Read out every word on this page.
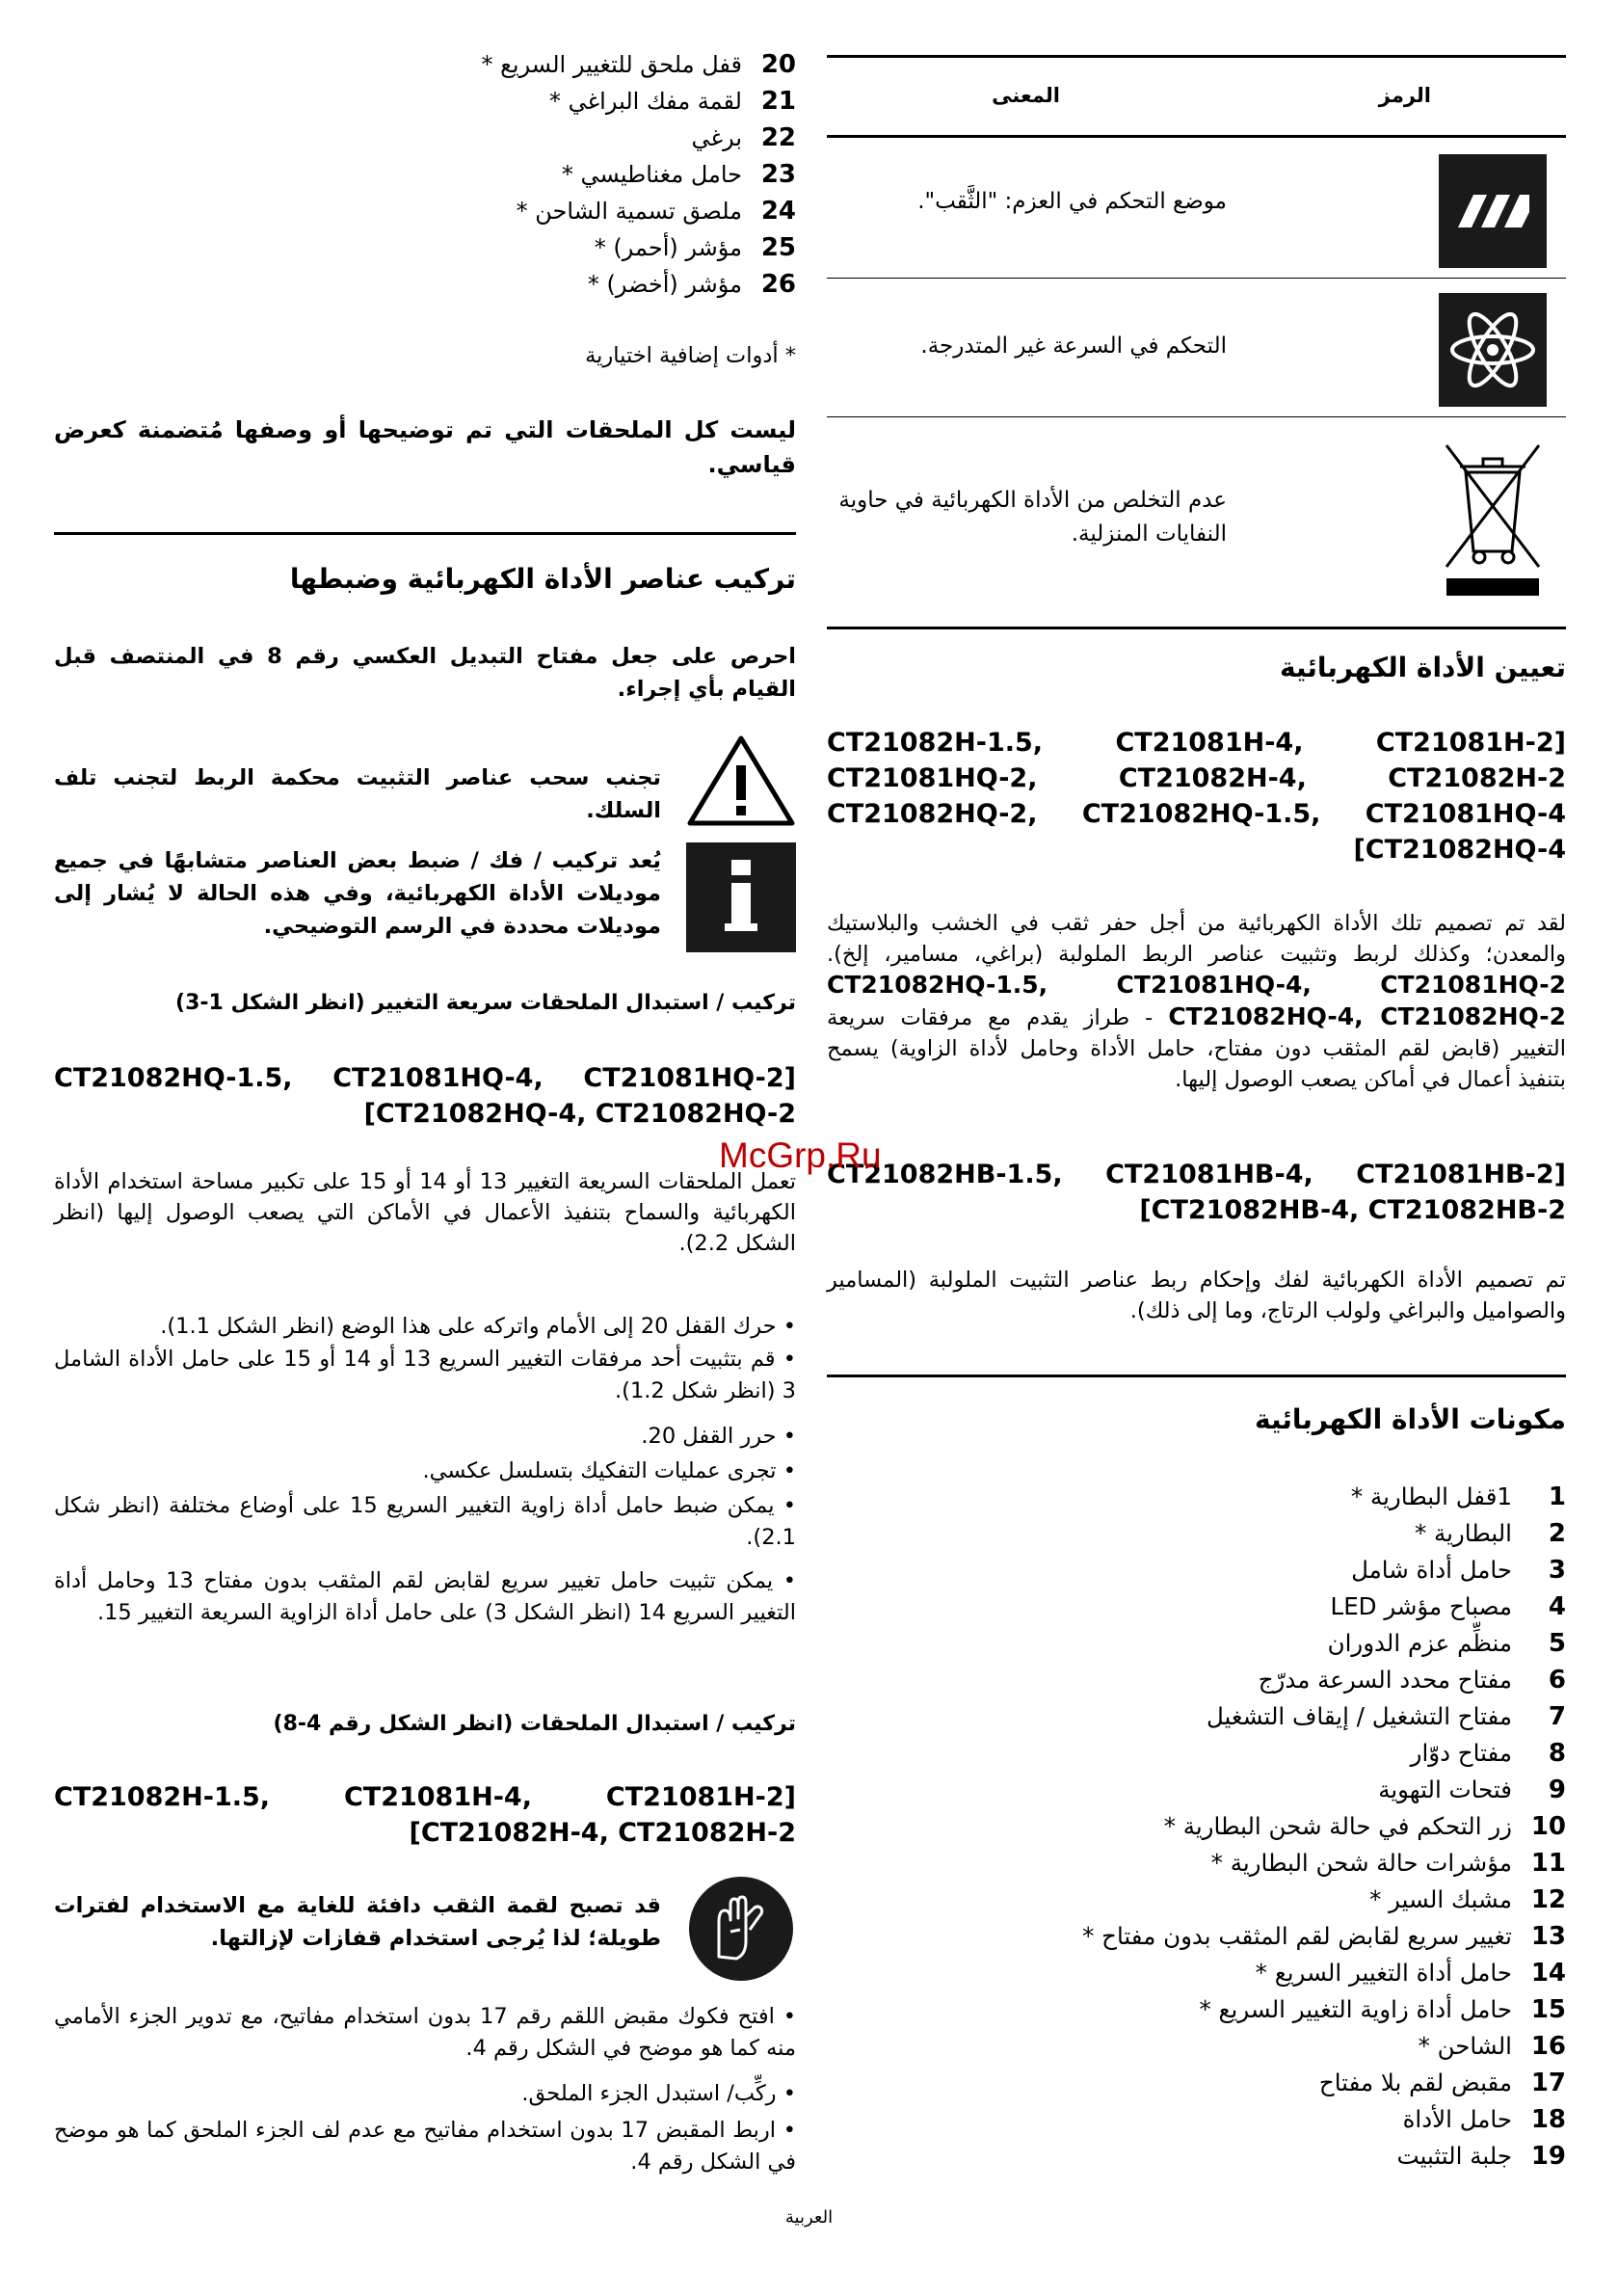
الرمز
المعنى
موضع التحكم في العزم: "الثَّقب".
التحكم في السرعة غير المتدرجة.
عدم التخلص من الأداة الكهربائية في حاوية النفايات المنزلية.
تعيين الأداة الكهربائية
CT21082H-1.5,	CT21081H-4,	CT21081H-2]
CT21081HQ-2,	CT21082H-4,	CT21082H-2
CT21082HQ-2, CT21082HQ-1.5, CT21081HQ-4
[CT21082HQ-4
لقد تم تصميم تلك الأداة الكهربائية من أجل حفر ثقب في الخشب والبلاستيك والمعدن؛ وكذلك لربط وتثبيت عناصر الربط الملولبة (براغي، مسامير، إلخ). CT21082HQ-1.5, CT21081HQ-4, CT21081HQ-2 CT21082HQ-4, CT21082HQ-2 - طراز يقدم مع مرفقات سريعة التغيير (قابض لقم المثقب دون مفتاح، حامل الأداة وحامل لأداة الزاوية) يسمح بتنفيذ أعمال في أماكن يصعب الوصول إليها.
CT21082HB-1.5, CT21081HB-4, CT21081HB-2]
[CT21082HB-4, CT21082HB-2
تم تصميم الأداة الكهربائية لفك وإحكام ربط عناصر التثبيت الملولبة (المسامير والصواميل والبراغي ولولب الرتاج، وما إلى ذلك).
مكونات الأداة الكهربائية
11قفل البطارية *
2البطارية *
3حامل أداة شامل
4مصباح مؤشر LED
5منظِّم عزم الدوران
6مفتاح محدد السرعة مدرّج
7مفتاح التشغيل / إيقاف التشغيل
8مفتاح دوّار
9فتحات التهوية
10زر التحكم في حالة شحن البطارية *
11مؤشرات حالة شحن البطارية *
12مشبك السير *
13تغيير سريع لقابض لقم المثقب بدون مفتاح *
14حامل أداة التغيير السريع *
15حامل أداة زاوية التغيير السريع *
16الشاحن *
17مقبض لقم بلا مفتاح
18حامل الأداة
19جلبة التثبيت
20قفل ملحق للتغيير السريع *
21لقمة مفك البراغي *
22برغي
23حامل مغناطيسي *
24ملصق تسمية الشاحن *
25مؤشر (أحمر) *
26مؤشر (أخضر) *
* أدوات إضافية اختيارية
ليست كل الملحقات التي تم توضيحها أو وصفها مُتضمنة كعرض قياسي.
تركيب عناصر الأداة الكهربائية وضبطها
احرص على جعل مفتاح التبديل العكسي رقم 8 في المنتصف قبل القيام بأي إجراء.
تجنب سحب عناصر التثبيت محكمة الربط لتجنب تلف السلك.
يُعد تركيب / فك / ضبط بعض العناصر متشابهًا في جميع موديلات الأداة الكهربائية، وفي هذه الحالة لا يُشار إلى موديلات محددة في الرسم التوضيحي.
تركيب / استبدال الملحقات سريعة التغيير (انظر الشكل 1-3)
CT21082HQ-1.5, CT21081HQ-4, CT21081HQ-2]
[CT21082HQ-4, CT21082HQ-2
تعمل الملحقات السريعة التغيير 13 أو 14 أو 15 على تكبير مساحة استخدام الأداة الكهربائية والسماح بتنفيذ الأعمال في الأماكن التي يصعب الوصول إليها (انظر الشكل 2.2).
• حرك القفل 20 إلى الأمام واتركه على هذا الوضع (انظر الشكل 1.1).
• قم بتثبيت أحد مرفقات التغيير السريع 13 أو 14 أو 15 على حامل الأداة الشامل 3 (انظر شكل 1.2).
• حرر القفل 20.
• تجرى عمليات التفكيك بتسلسل عكسي.
• يمكن ضبط حامل أداة زاوية التغيير السريع 15 على أوضاع مختلفة (انظر شكل 2.1).
• يمكن تثبيت حامل تغيير سريع لقابض لقم المثقب بدون مفتاح 13 وحامل أداة التغيير السريع 14 (انظر الشكل 3) على حامل أداة الزاوية السريعة التغيير 15.
تركيب / استبدال الملحقات (انظر الشكل رقم 4-8)
CT21082H-1.5,	CT21081H-4,	CT21081H-2]
[CT21082H-4, CT21082H-2
قد تصبح لقمة الثقب دافئة للغاية مع الاستخدام لفترات طويلة؛ لذا يُرجى استخدام قفازات لإزالتها.
• افتح فكوك مقبض اللقم رقم 17 بدون استخدام مفاتيح، مع تدوير الجزء الأمامي منه كما هو موضح في الشكل رقم 4.
• ركِّب/ استبدل الجزء الملحق.
• اربط المقبض 17 بدون استخدام مفاتيح مع عدم لف الجزء الملحق كما هو موضح في الشكل رقم 4.
McGrp.Ru
العربية
